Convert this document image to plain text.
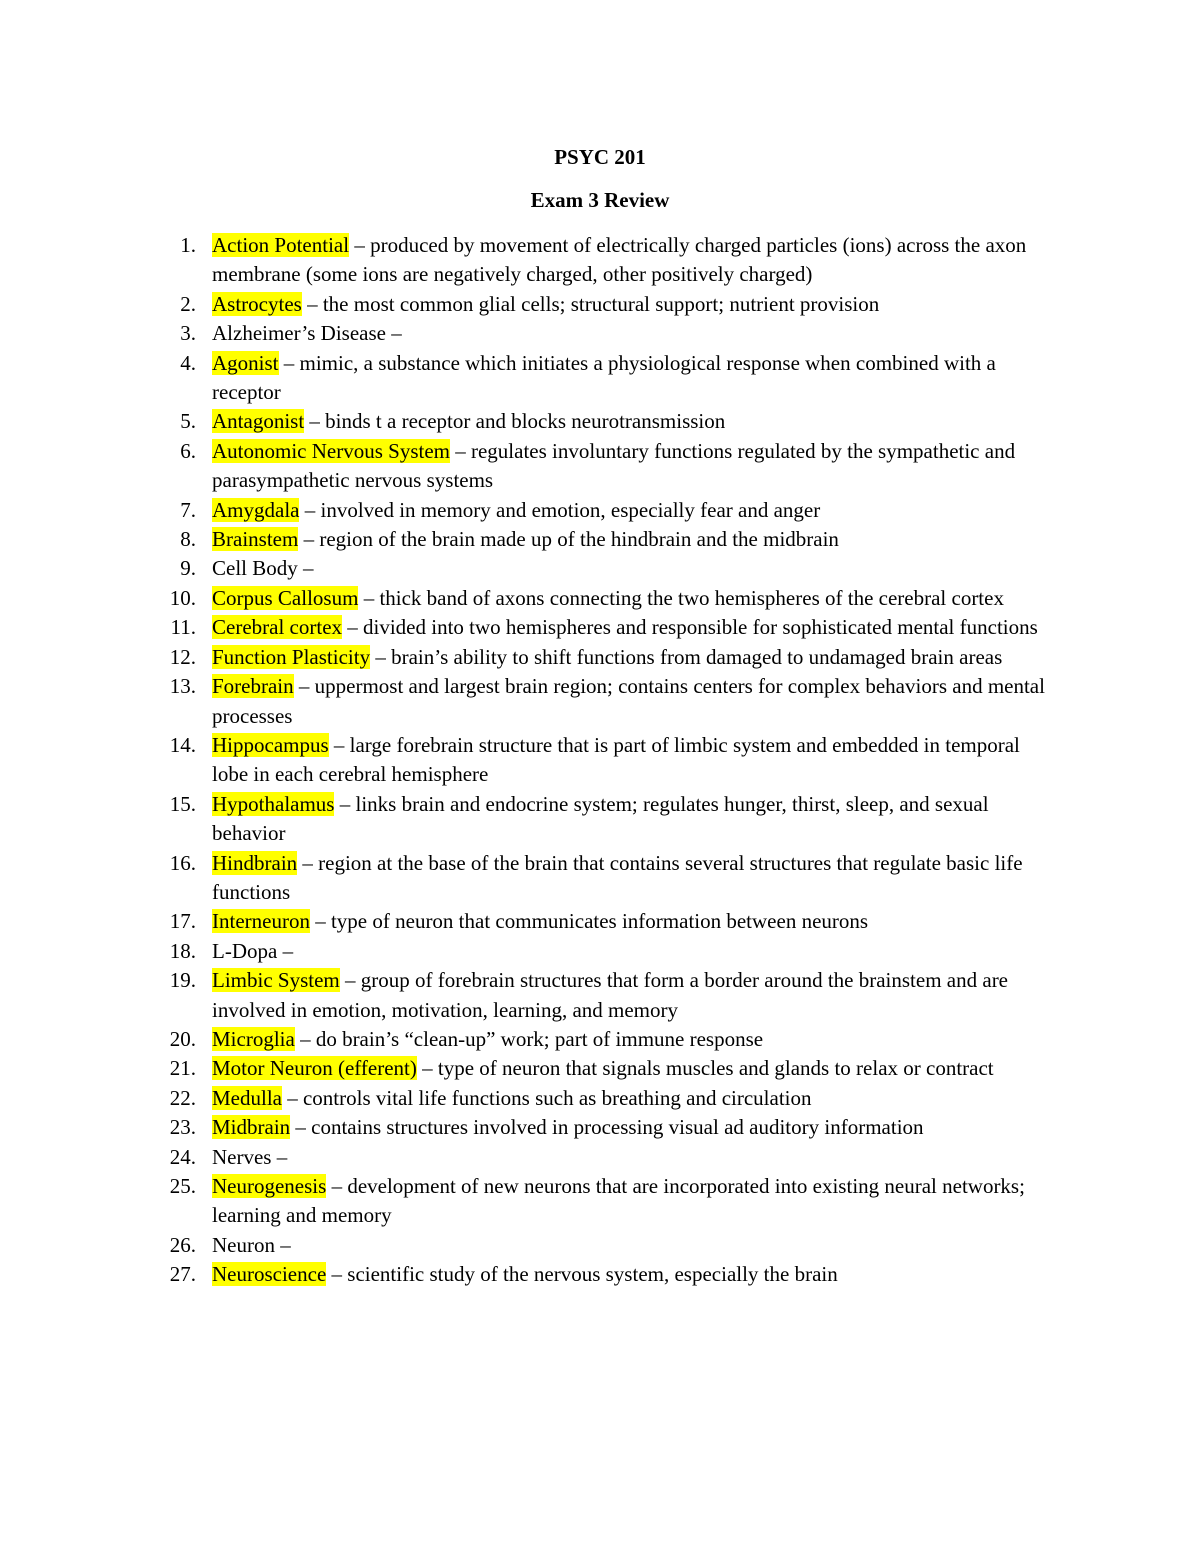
PSYC 201
Exam 3 Review
1. Action Potential – produced by movement of electrically charged particles (ions) across the axon membrane (some ions are negatively charged, other positively charged)
2. Astrocytes – the most common glial cells; structural support; nutrient provision
3. Alzheimer’s Disease –
4. Agonist – mimic, a substance which initiates a physiological response when combined with a receptor
5. Antagonist – binds t a receptor and blocks neurotransmission
6. Autonomic Nervous System – regulates involuntary functions regulated by the sympathetic and parasympathetic nervous systems
7. Amygdala – involved in memory and emotion, especially fear and anger
8. Brainstem – region of the brain made up of the hindbrain and the midbrain
9. Cell Body –
10. Corpus Callosum – thick band of axons connecting the two hemispheres of the cerebral cortex
11. Cerebral cortex – divided into two hemispheres and responsible for sophisticated mental functions
12. Function Plasticity – brain’s ability to shift functions from damaged to undamaged brain areas
13. Forebrain – uppermost and largest brain region; contains centers for complex behaviors and mental processes
14. Hippocampus – large forebrain structure that is part of limbic system and embedded in temporal lobe in each cerebral hemisphere
15. Hypothalamus – links brain and endocrine system; regulates hunger, thirst, sleep, and sexual behavior
16. Hindbrain – region at the base of the brain that contains several structures that regulate basic life functions
17. Interneuron – type of neuron that communicates information between neurons
18. L-Dopa –
19. Limbic System – group of forebrain structures that form a border around the brainstem and are involved in emotion, motivation, learning, and memory
20. Microglia – do brain’s “clean-up” work; part of immune response
21. Motor Neuron (efferent) – type of neuron that signals muscles and glands to relax or contract
22. Medulla – controls vital life functions such as breathing and circulation
23. Midbrain – contains structures involved in processing visual ad auditory information
24. Nerves –
25. Neurogenesis – development of new neurons that are incorporated into existing neural networks; learning and memory
26. Neuron –
27. Neuroscience – scientific study of the nervous system, especially the brain
